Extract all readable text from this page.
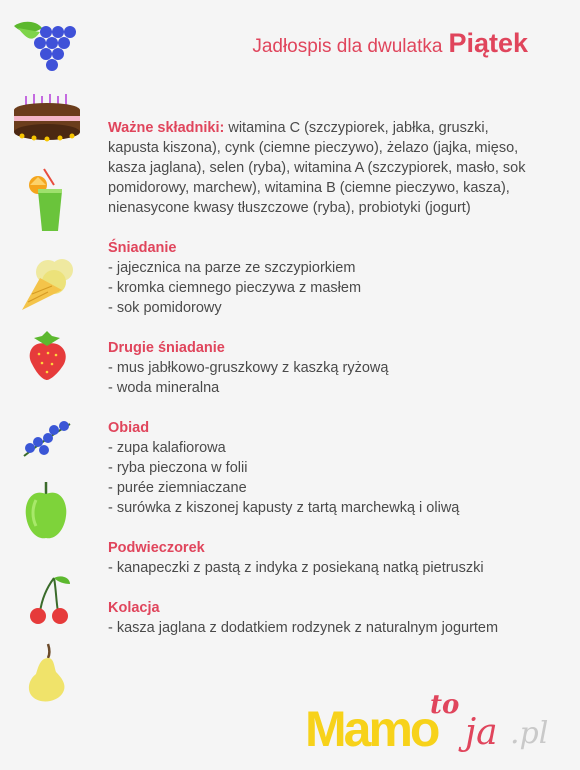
Jadłospis dla dwulatka Piątek
Ważne składniki: witamina C (szczypiorek, jabłka, gruszki, kapusta kiszona), cynk (ciemne pieczywo), żelazo (jajka, mięso, kasza jaglana), selen (ryba), witamina A (szczypiorek, masło, sok pomidorowy, marchew), witamina B (ciemne pieczywo, kasza), nienasycone kwasy tłuszczowe (ryba), probiotyki (jogurt)
Śniadanie
- jajecznica na parze ze szczypiorkiem
- kromka ciemnego pieczywa z masłem
- sok pomidorowy
Drugie śniadanie
- mus jabłkowo-gruszkowy z kaszką ryżową
- woda mineralna
Obiad
- zupa kalafiorowa
- ryba pieczona w folii
- purée ziemniaczane
- surówka z kiszonej kapusty z tartą marchewką i oliwą
Podwieczorek
- kanapeczki z pastą z indyka z posiekaną natką pietruszki
Kolacja
- kasza jaglana z dodatkiem rodzynek z naturalnym jogurtem
Mamo
to
ja .pl
